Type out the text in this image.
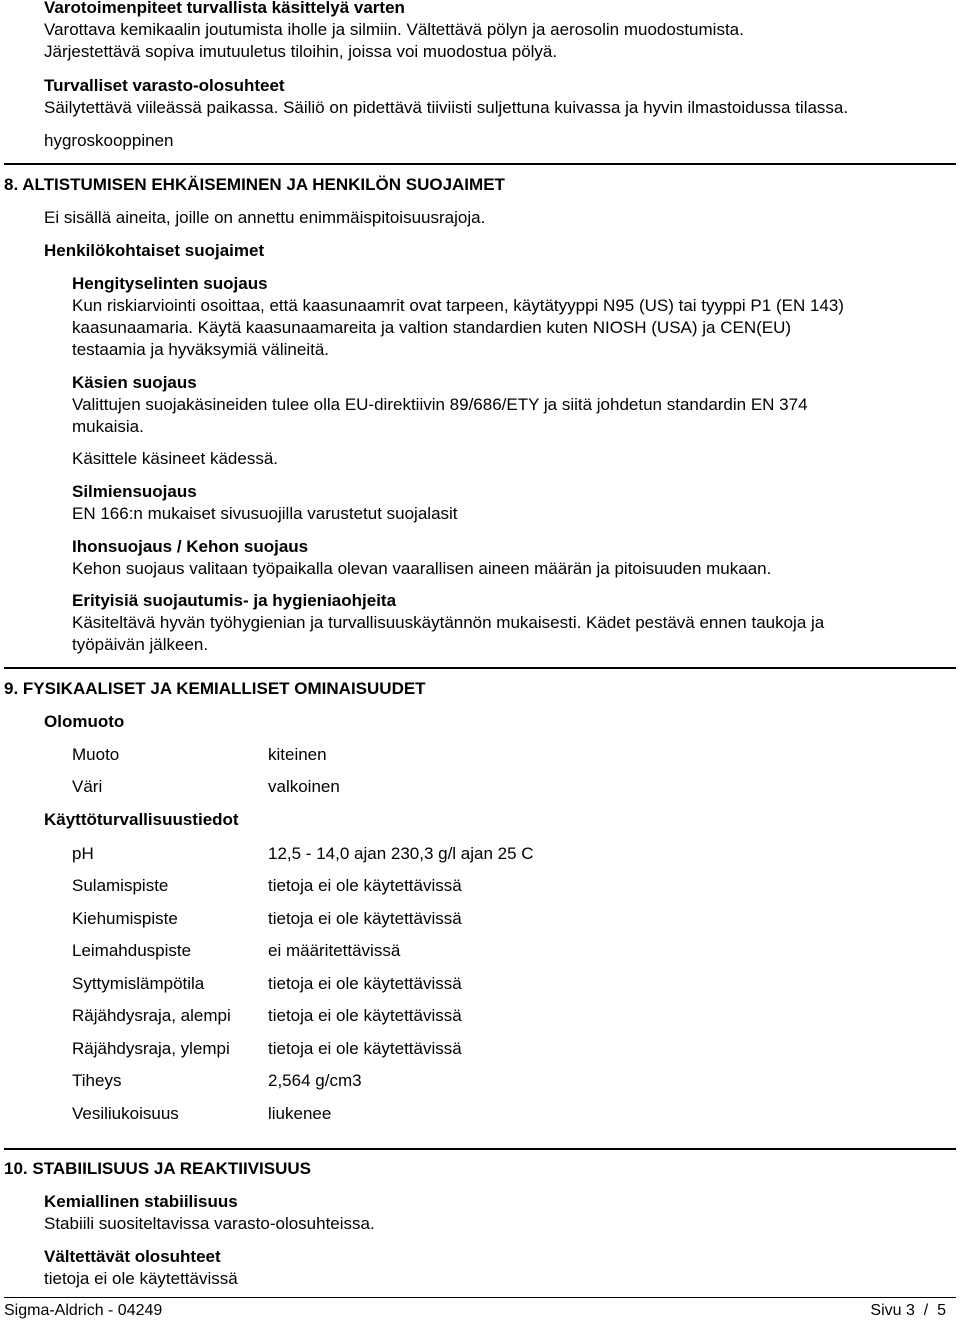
Varotoimenpiteet turvallista käsittelyä varten
Varottava kemikaalin joutumista iholle ja silmiin. Vältettävä pölyn ja aerosolin muodostumista.
Järjestettävä sopiva imutuuletus tiloihin, joissa voi muodostua pölyä.
Turvalliset varasto-olosuhteet
Säilytettävä viileässä paikassa. Säiliö on pidettävä tiiviisti suljettuna kuivassa ja hyvin ilmastoidussa tilassa.
hygroskooppinen
8. ALTISTUMISEN EHKÄISEMINEN JA HENKILÖN SUOJAIMET
Ei sisällä aineita, joille on annettu enimmäispitoisuusrajoja.
Henkilökohtaiset suojaimet
Hengityselinten suojaus
Kun riskiarviointi osoittaa, että kaasunaamrit ovat tarpeen, käytätyyppi N95 (US) tai tyyppi P1 (EN 143)
kaasunaamaria. Käytä kaasunaamareita ja valtion standardien kuten NIOSH (USA) ja CEN(EU)
testaamia ja hyväksymiä välineitä.
Käsien suojaus
Valittujen suojakäsineiden tulee olla EU-direktiivin 89/686/ETY ja siitä johdetun standardin EN 374
mukaisia.
Käsittele käsineet kädessä.
Silmiensuojaus
EN 166:n mukaiset sivusuojilla varustetut suojalasit
Ihonsuojaus / Kehon suojaus
Kehon suojaus valitaan työpaikalla olevan vaarallisen aineen määrän ja pitoisuuden mukaan.
Erityisiä suojautumis- ja hygieniaohjeita
Käsiteltävä hyvän työhygienian ja turvallisuuskäytännön mukaisesti. Kädet pestävä ennen taukoja ja
työpäivän jälkeen.
9. FYSIKAALISET JA KEMIALLISET OMINAISUUDET
Olomuoto
Muoto	kiteinen
Väri	valkoinen
Käyttöturvallisuustiedot
pH	12,5 - 14,0 ajan 230,3 g/l ajan 25 C
Sulamispiste	tietoja ei ole käytettävissä
Kiehumispiste	tietoja ei ole käytettävissä
Leimahduspiste	ei määritettävissä
Syttymislämpötila	tietoja ei ole käytettävissä
Räjähdysraja, alempi tietoja ei ole käytettävissä
Räjähdysraja, ylempi tietoja ei ole käytettävissä
Tiheys	2,564 g/cm3
Vesiliukoisuus	liukenee
10. STABIILISUUS JA REAKTIIVISUUS
Kemiallinen stabiilisuus
Stabiili suositeltavissa varasto-olosuhteissa.
Vältettävät olosuhteet
tietoja ei ole käytettävissä
Sigma-Aldrich - 04249	Sivu 3  /  5
